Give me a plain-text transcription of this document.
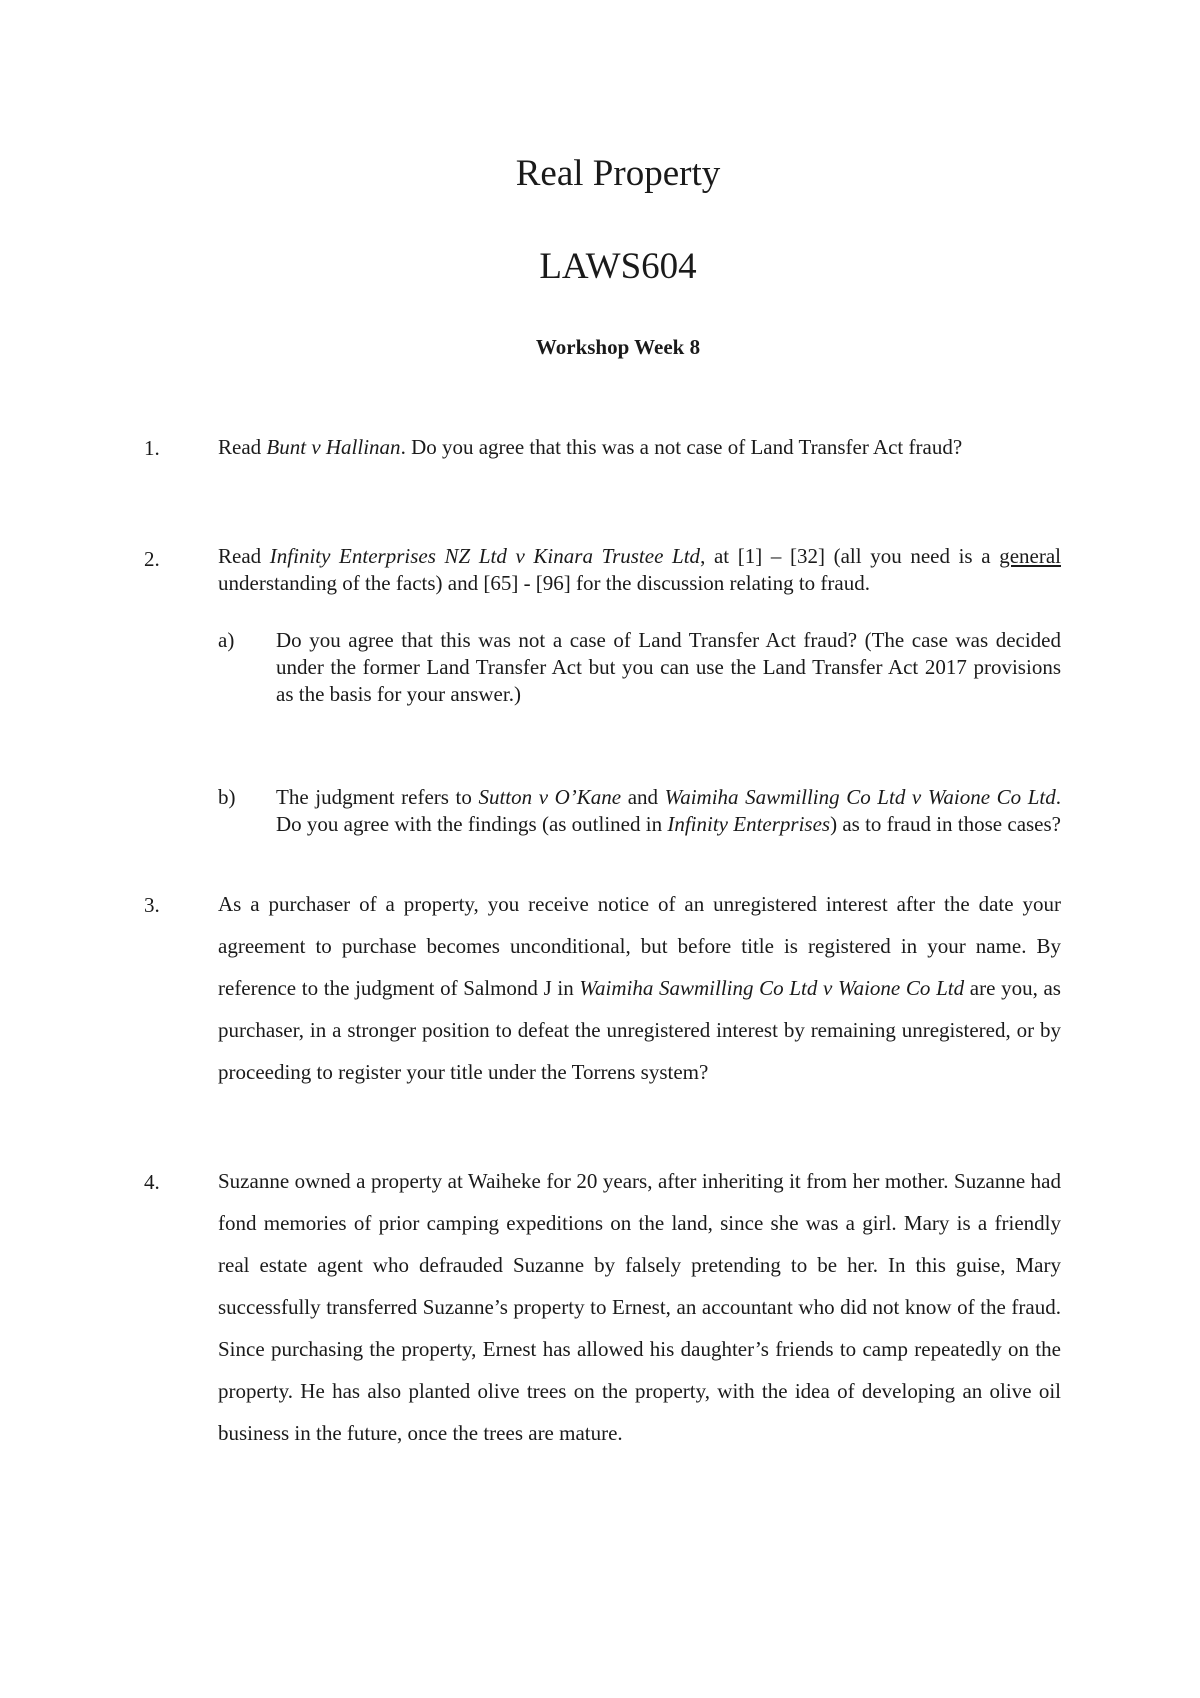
Real Property
LAWS604
Workshop Week 8
1.	Read Bunt v Hallinan. Do you agree that this was a not case of Land Transfer Act fraud?
2.	Read Infinity Enterprises NZ Ltd v Kinara Trustee Ltd, at [1] – [32] (all you need is a general understanding of the facts) and [65] - [96] for the discussion relating to fraud.
a) Do you agree that this was not a case of Land Transfer Act fraud? (The case was decided under the former Land Transfer Act but you can use the Land Transfer Act 2017 provisions as the basis for your answer.)
b) The judgment refers to Sutton v O’Kane and Waimiha Sawmilling Co Ltd v Waione Co Ltd. Do you agree with the findings (as outlined in Infinity Enterprises) as to fraud in those cases?
3.	As a purchaser of a property, you receive notice of an unregistered interest after the date your agreement to purchase becomes unconditional, but before title is registered in your name. By reference to the judgment of Salmond J in Waimiha Sawmilling Co Ltd v Waione Co Ltd are you, as purchaser, in a stronger position to defeat the unregistered interest by remaining unregistered, or by proceeding to register your title under the Torrens system?
4.	Suzanne owned a property at Waiheke for 20 years, after inheriting it from her mother. Suzanne had fond memories of prior camping expeditions on the land, since she was a girl. Mary is a friendly real estate agent who defrauded Suzanne by falsely pretending to be her. In this guise, Mary successfully transferred Suzanne’s property to Ernest, an accountant who did not know of the fraud. Since purchasing the property, Ernest has allowed his daughter’s friends to camp repeatedly on the property. He has also planted olive trees on the property, with the idea of developing an olive oil business in the future, once the trees are mature.
